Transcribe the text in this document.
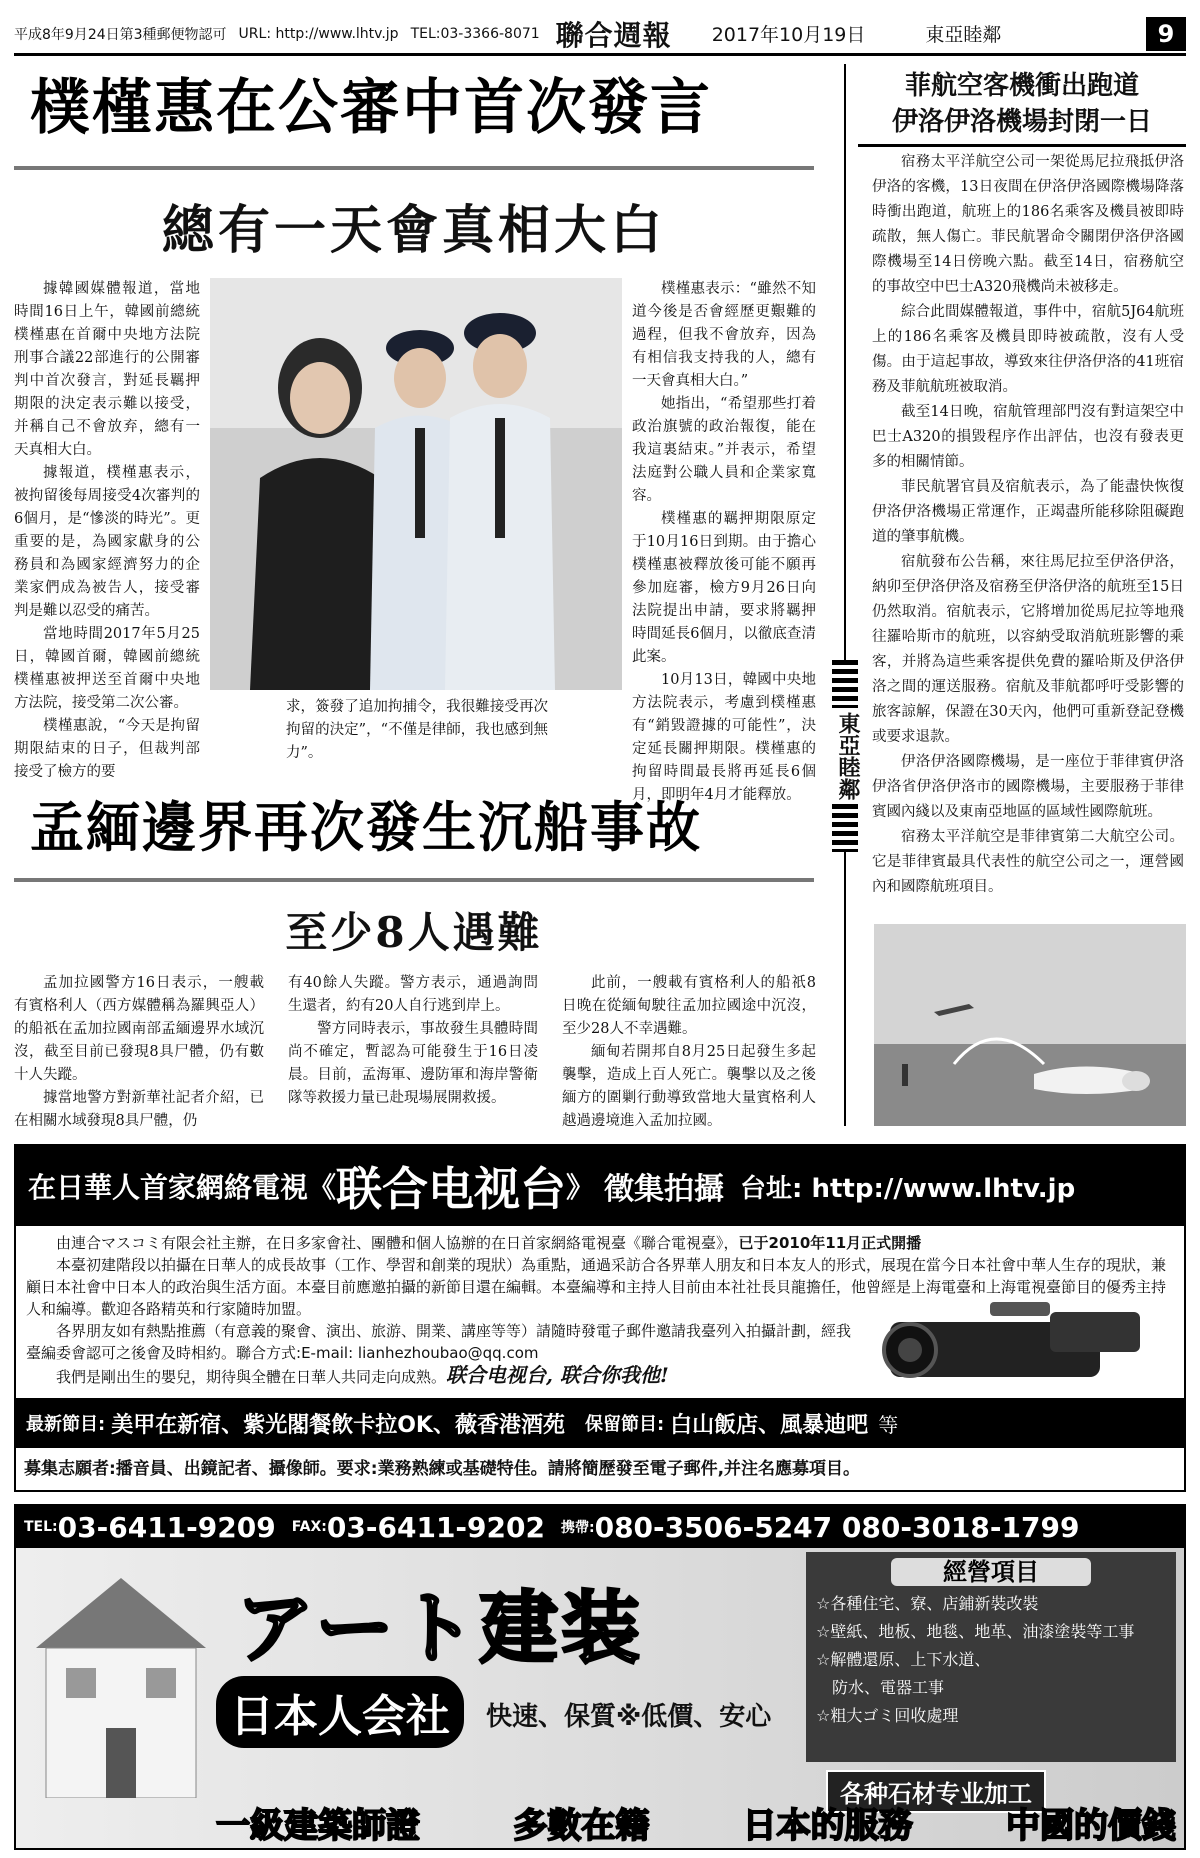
平成8年9月24日第3種郵便物認可 URL: http://www.lhtv.jp TEL:03-3366-8071 聯合週報 2017年10月19日	東亞睦鄰	9
樸槿惠在公審中首次發言
總有一天會真相大白

據韓國媒體報道，當地時間16日上午，韓國前總統樸槿惠在首爾中央地方法院刑事合議22部進行的公開審判中首次發言，對延長羈押期限的決定表示難以接受，并稱自己不會放弃，總有一天真相大白。

據報道，樸槿惠表示，被拘留後每周接受4次審判的6個月，是“慘淡的時光”。更重要的是，為國家獻身的公務員和為國家經濟努力的企業家們成為被告人，接受審判是難以忍受的痛苦。

當地時間2017年5月25日，韓國首爾，韓國前總統樸槿惠被押送至首爾中央地方法院，接受第二次公審。

樸槿惠說，“今天是拘留期限結束的日子，但裁判部接受了檢方的要

求，簽發了追加拘捕令，我很難接受再次拘留的決定”，“不僅是律師，我也感到無力”。

樸槿惠表示：“雖然不知道今後是否會經歷更艱難的過程，但我不會放弃，因為有相信我支持我的人，總有一天會真相大白。”

她指出，“希望那些打着政治旗號的政治報復，能在我這裏結束。”并表示，希望法庭對公職人員和企業家寬容。

樸槿惠的羈押期限原定于10月16日到期。由于擔心樸槿惠被釋放後可能不願再參加庭審，檢方9月26日向法院提出申請，要求將羈押時間延長6個月，以徹底查清此案。

10月13日，韓國中央地方法院表示，考慮到樸槿惠有“銷毀證據的可能性”，決定延長關押期限。樸槿惠的拘留時間最長將再延長6個月，即明年4月才能釋放。

孟緬邊界再次發生沉船事故
至少8人遇難

孟加拉國警方16日表示，一艘載有賓格利人（西方媒體稱為羅興亞人）的船祇在孟加拉國南部孟緬邊界水域沉沒，截至目前已發現8具尸體，仍有數十人失蹤。

據當地警方對新華社記者介紹，已在相關水域發現8具尸體，仍

有40餘人失蹤。警方表示，通過詢問生還者，約有20人自行逃到岸上。

警方同時表示，事故發生具體時間尚不確定，暫認為可能發生于16日凌晨。目前，孟海軍、邊防軍和海岸警衛隊等救援力量已赴現場展開救援。

此前，一艘載有賓格利人的船祇8日晚在從緬甸駛往孟加拉國途中沉沒，至少28人不幸遇難。

緬甸若開邦自8月25日起發生多起襲擊，造成上百人死亡。襲擊以及之後緬方的圍剿行動導致當地大量賓格利人越過邊境進入孟加拉國。

東亞睦鄰
菲航空客機衝出跑道
伊洛伊洛機場封閉一日

宿務太平洋航空公司一架從馬尼拉飛抵伊洛伊洛的客機，13日夜間在伊洛伊洛國際機場降落時衝出跑道，航班上的186名乘客及機員被即時疏散，無人傷亡。菲民航署命令關閉伊洛伊洛國際機場至14日傍晚六點。截至14日，宿務航空的事故空中巴士A320飛機尚未被移走。

綜合此間媒體報道，事件中，宿航5J64航班上的186名乘客及機員即時被疏散，沒有人受傷。由于這起事故，導致來往伊洛伊洛的41班宿務及菲航航班被取消。

截至14日晚，宿航管理部門沒有對這架空中巴士A320的損毀程序作出評估，也沒有發表更多的相關情節。

菲民航署官員及宿航表示，為了能盡快恢復伊洛伊洛機場正常運作，正竭盡所能移除阻礙跑道的肇事航機。

宿航發布公告稱，來往馬尼拉至伊洛伊洛，納卯至伊洛伊洛及宿務至伊洛伊洛的航班至15日仍然取消。宿航表示，它將增加從馬尼拉等地飛往羅哈斯市的航班，以容納受取消航班影響的乘客，并將為這些乘客提供免費的羅哈斯及伊洛伊洛之間的運送服務。宿航及菲航都呼吁受影響的旅客諒解，保證在30天內，他們可重新登記登機或要求退款。

伊洛伊洛國際機場，是一座位于菲律賓伊洛伊洛省伊洛伊洛市的國際機場，主要服務于菲律賓國內綫以及東南亞地區的區域性國際航班。

宿務太平洋航空是菲律賓第二大航空公司。它是菲律賓最具代表性的航空公司之一，運營國內和國際航班項目。

在日華人首家網絡電視《 联合电视台 》 徵集拍攝 台址: http://www.lhtv.jp
由連合マスコミ有限会社主辦，在日多家會社、團體和個人協辦的在日首家網絡電視臺《聯合電視臺》，已于2010年11月正式開播
本臺初建階段以拍攝在日華人的成長故事（工作、學習和創業的現狀）為重點，通過采訪合各界華人朋友和日本友人的形式，展現在當今日本社會中華人生存的現狀，兼顧日本社會中日本人的政治與生活方面。本臺目前應邀拍攝的新節目還在編輯。本臺編導和主持人目前由本社社長貝龍擔任，他曾經是上海電臺和上海電視臺節目的優秀主持人和編導。歡迎各路精英和行家隨時加盟。
各界朋友如有熱點推薦（有意義的聚會、演出、旅游、開業、講座等等）請隨時發電子郵件邀請我臺列入拍攝計劃，經我臺編委會認可之後會及時相約。聯合方式:E-mail: lianhezhoubao@qq.com
我們是剛出生的嬰兒，期待與全體在日華人共同走向成熟。联合电视台, 联合你我他!
最新節目: 美甲在新宿、紫光閣餐飲卡拉OK、薇香港酒苑 保留節目: 白山飯店、風暴迪吧 等
募集志願者:播音員、出鏡記者、攝像師。要求:業務熟練或基礎特佳。請將簡歷發至電子郵件,并注名應募項目。
TEL: 03-6411-9209 FAX: 03-6411-9202 携帶: 080-3506-5247 080-3018-1799
アート建装
日本人会社	快速、保質※低價、安心
經營項目
☆各種住宅、寮、店鋪新裝改裝
☆壁紙、地板、地毯、地革、油漆塗裝等工事
☆解體還原、上下水道、
　防水、電器工事
☆粗大ゴミ回收處理
各种石材专业加工
一級建築師證	多數在籍	日本的服務	中國的價錢
